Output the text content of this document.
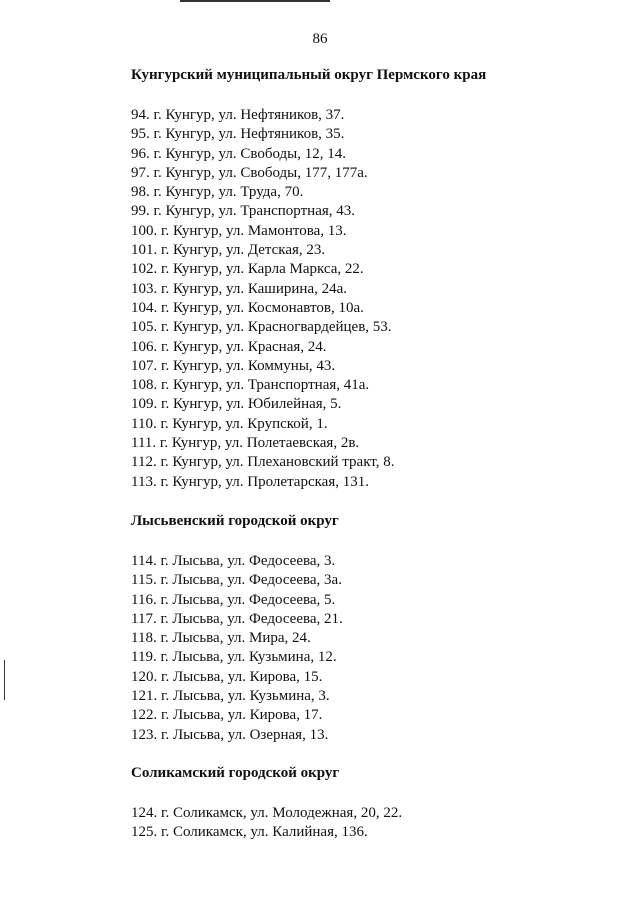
86
Кунгурский муниципальный округ Пермского края
94. г. Кунгур, ул. Нефтяников, 37.
95. г. Кунгур, ул. Нефтяников, 35.
96. г. Кунгур, ул. Свободы, 12, 14.
97. г. Кунгур, ул. Свободы, 177, 177а.
98. г. Кунгур, ул. Труда, 70.
99. г. Кунгур, ул. Транспортная, 43.
100. г. Кунгур, ул. Мамонтова, 13.
101. г. Кунгур, ул. Детская, 23.
102. г. Кунгур, ул. Карла Маркса, 22.
103. г. Кунгур, ул. Каширина, 24а.
104. г. Кунгур, ул. Космонавтов, 10а.
105. г. Кунгур, ул. Красногвардейцев, 53.
106. г. Кунгур, ул. Красная, 24.
107. г. Кунгур, ул. Коммуны, 43.
108. г. Кунгур, ул. Транспортная, 41а.
109. г. Кунгур, ул. Юбилейная, 5.
110. г. Кунгур, ул. Крупской, 1.
111. г. Кунгур, ул. Полетаевская, 2в.
112. г. Кунгур, ул. Плехановский тракт, 8.
113. г. Кунгур, ул. Пролетарская, 131.
Лысьвенский городской округ
114. г. Лысьва, ул. Федосеева, 3.
115. г. Лысьва, ул. Федосеева, 3а.
116. г. Лысьва, ул. Федосеева, 5.
117. г. Лысьва, ул. Федосеева, 21.
118. г. Лысьва, ул. Мира, 24.
119. г. Лысьва, ул. Кузьмина, 12.
120. г. Лысьва, ул. Кирова, 15.
121. г. Лысьва, ул. Кузьмина, 3.
122. г. Лысьва, ул. Кирова, 17.
123. г. Лысьва, ул. Озерная, 13.
Соликамский городской округ
124. г. Соликамск, ул. Молодежная, 20, 22.
125. г. Соликамск, ул. Калийная, 136.
